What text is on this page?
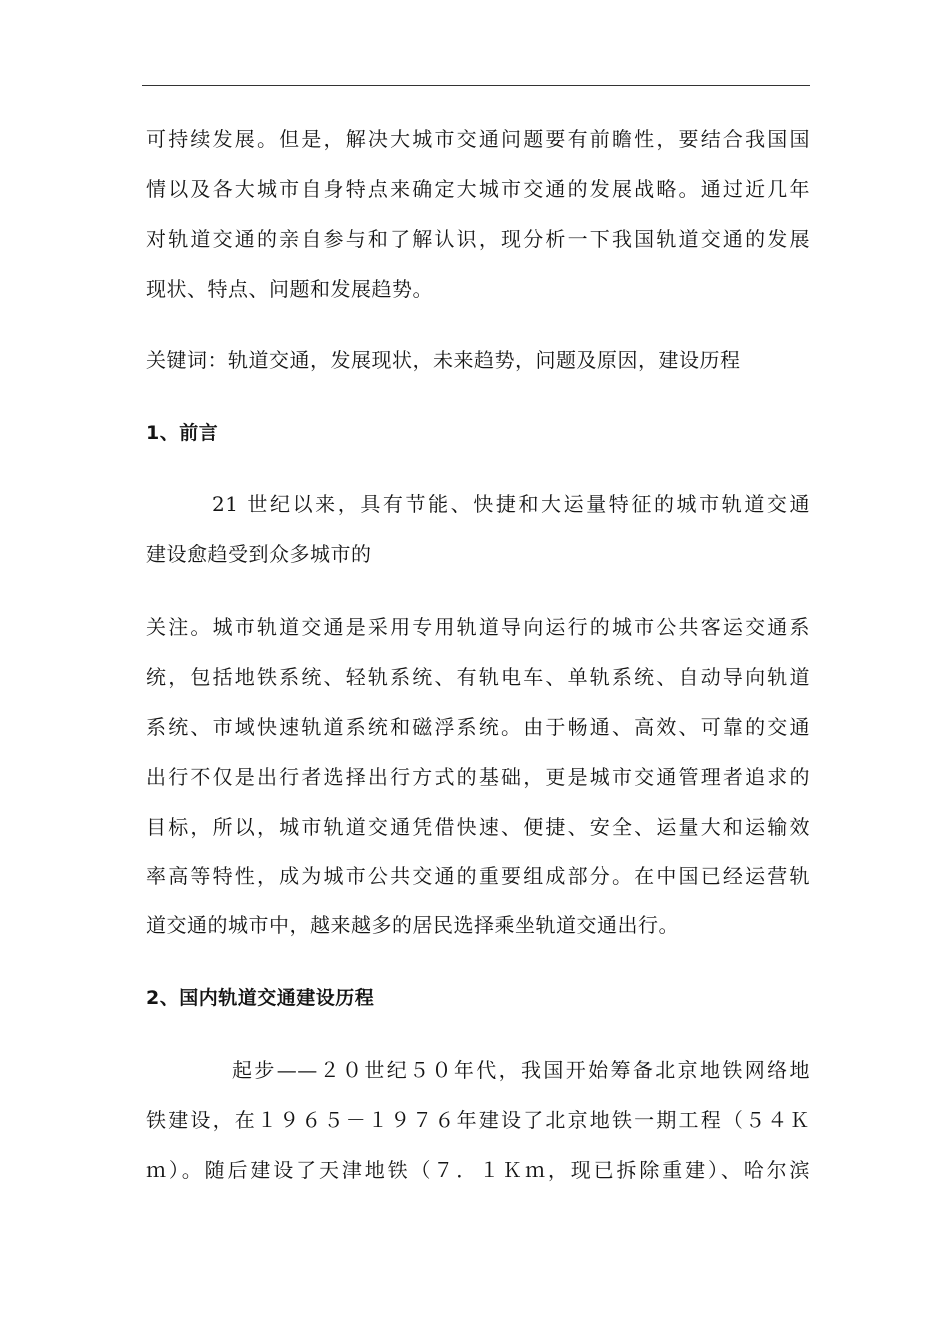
可持续发展。但是，解决大城市交通问题要有前瞻性，要结合我国国
情以及各大城市自身特点来确定大城市交通的发展战略。通过近几年
对轨道交通的亲自参与和了解认识，现分析一下我国轨道交通的发展
现状、特点、问题和发展趋势。
关键词：轨道交通，发展现状，未来趋势，问题及原因，建设历程
1、前言
21 世纪以来，具有节能、快捷和大运量特征的城市轨道交通
建设愈趋受到众多城市的
关注。城市轨道交通是采用专用轨道导向运行的城市公共客运交通系
统，包括地铁系统、轻轨系统、有轨电车、单轨系统、自动导向轨道
系统、市域快速轨道系统和磁浮系统。由于畅通、高效、可靠的交通
出行不仅是出行者选择出行方式的基础，更是城市交通管理者追求的
目标，所以，城市轨道交通凭借快速、便捷、安全、运量大和运输效
率高等特性，成为城市公共交通的重要组成部分。在中国已经运营轨
道交通的城市中，越来越多的居民选择乘坐轨道交通出行。
2、国内轨道交通建设历程
起步——２０世纪５０年代，我国开始筹备北京地铁网络地
铁建设，在１９６５－１９７６年建设了北京地铁一期工程（５４Ｋ
ｍ）。随后建设了天津地铁（７．１Ｋｍ，现已拆除重建）、哈尔滨
